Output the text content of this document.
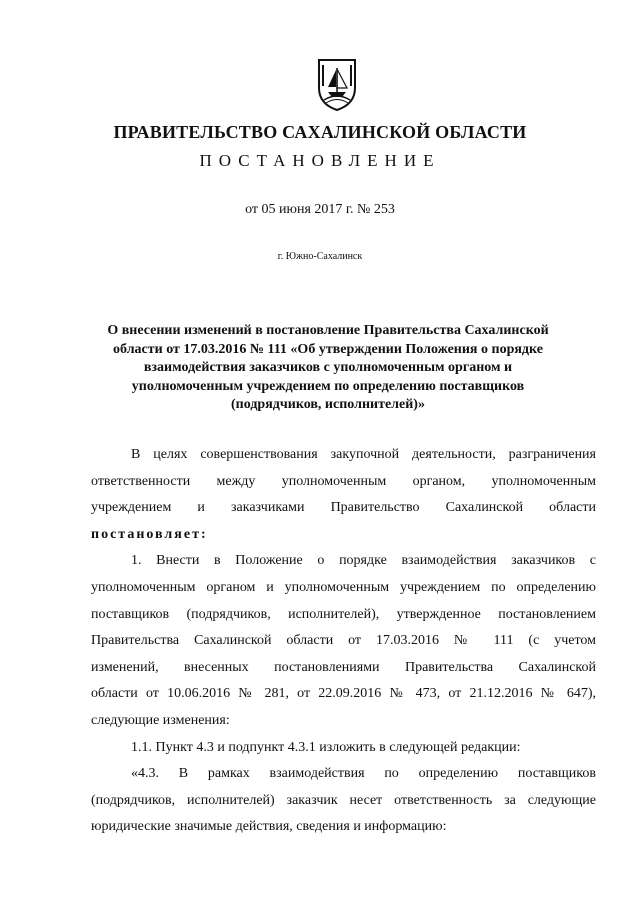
ПРАВИТЕЛЬСТВО САХАЛИНСКОЙ ОБЛАСТИ
ПОСТАНОВЛЕНИЕ
от 05 июня 2017 г. № 253
г. Южно-Сахалинск
О внесении изменений в постановление Правительства Сахалинской
области от 17.03.2016 № 111 «Об утверждении Положения о порядке
взаимодействия заказчиков с уполномоченным органом и
уполномоченным учреждением по определению поставщиков
(подрядчиков, исполнителей)»
В целях совершенствования закупочной деятельности, разграничения
ответственности между уполномоченным органом, уполномоченным
учреждением и заказчиками Правительство Сахалинской области
постановляет:
1. Внести в Положение о порядке взаимодействия заказчиков с
уполномоченным органом и уполномоченным учреждением по определению
поставщиков (подрядчиков, исполнителей), утвержденное постановлением
Правительства Сахалинской области от 17.03.2016 № 111 (с учетом
изменений, внесенных постановлениями Правительства Сахалинской
области от 10.06.2016 № 281, от 22.09.2016 № 473, от 21.12.2016 № 647),
следующие изменения:
1.1. Пункт 4.3 и подпункт 4.3.1 изложить в следующей редакции:
«4.3. В рамках взаимодействия по определению поставщиков
(подрядчиков, исполнителей) заказчик несет ответственность за следующие
юридические значимые действия, сведения и информацию:
